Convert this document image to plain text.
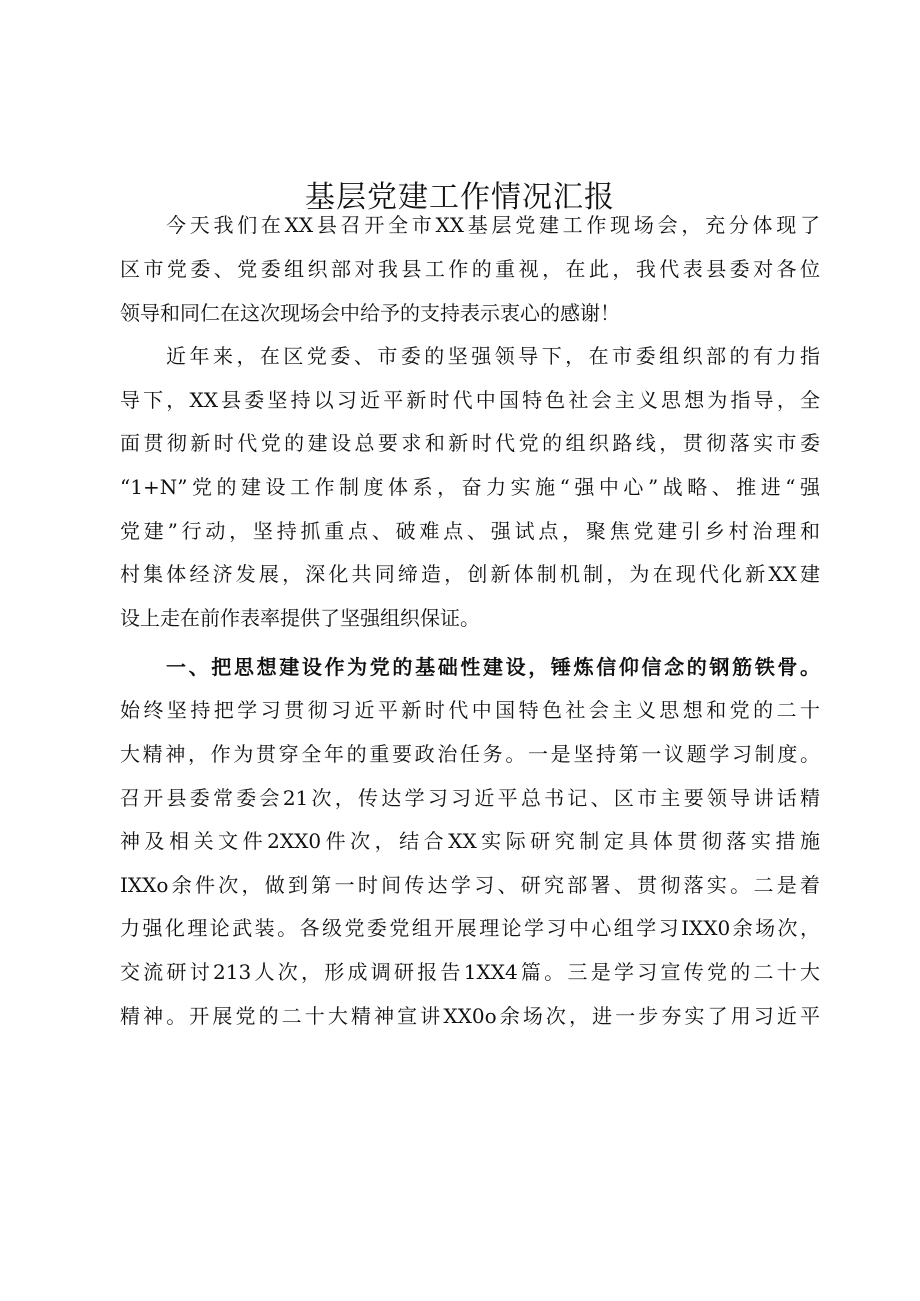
基层党建工作情况汇报
今天我们在XX县召开全市XX基层党建工作现场会，充分体现了
区市党委、党委组织部对我县工作的重视，在此，我代表县委对各位
领导和同仁在这次现场会中给予的支持表示衷心的感谢！
近年来，在区党委、市委的坚强领导下，在市委组织部的有力指
导下，XX县委坚持以习近平新时代中国特色社会主义思想为指导，全
面贯彻新时代党的建设总要求和新时代党的组织路线，贯彻落实市委
“1+N”党的建设工作制度体系，奋力实施“强中心”战略、推进“强
党建”行动，坚持抓重点、破难点、强试点，聚焦党建引乡村治理和
村集体经济发展，深化共同缔造，创新体制机制，为在现代化新XX建
设上走在前作表率提供了坚强组织保证。
一、把思想建设作为党的基础性建设，锤炼信仰信念的钢筋铁骨。
始终坚持把学习贯彻习近平新时代中国特色社会主义思想和党的二十
大精神，作为贯穿全年的重要政治任务。一是坚持第一议题学习制度。
召开县委常委会21次，传达学习习近平总书记、区市主要领导讲话精
神及相关文件2XX0件次，结合XX实际研究制定具体贯彻落实措施
IXXo余件次，做到第一时间传达学习、研究部署、贯彻落实。二是着
力强化理论武装。各级党委党组开展理论学习中心组学习IXX0余场次，
交流研讨213人次，形成调研报告1XX4篇。三是学习宣传党的二十大
精神。开展党的二十大精神宣讲XX0o余场次，进一步夯实了用习近平
